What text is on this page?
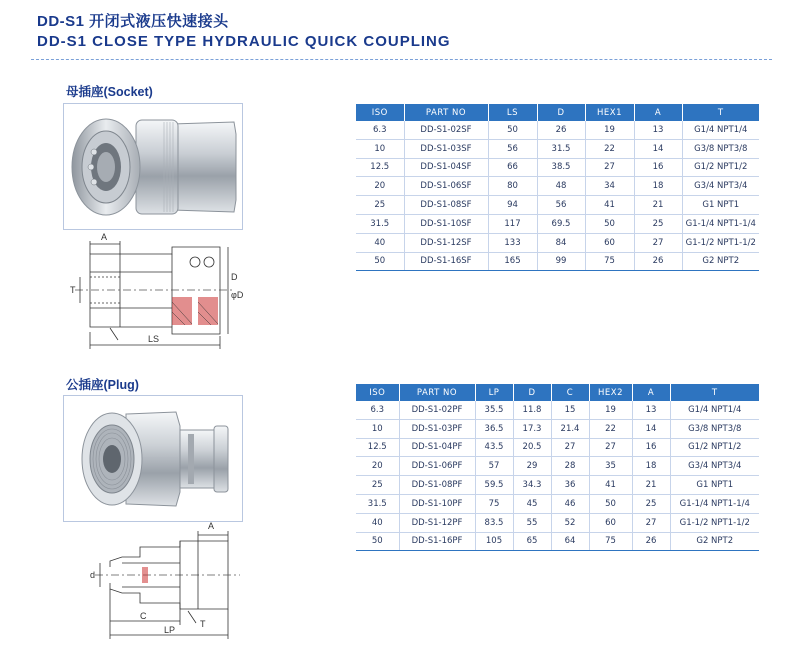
DD-S1 开闭式液压快速接头
DD-S1 CLOSE TYPE HYDRAULIC QUICK COUPLING
母插座(Socket)
A
T
LS
D
φD
ISO	PART NO	LS	D	HEX1	A	T
6.3	DD-S1-02SF	50	26	19	13	G1/4 NPT1/4
10	DD-S1-03SF	56	31.5	22	14	G3/8 NPT3/8
12.5	DD-S1-04SF	66	38.5	27	16	G1/2 NPT1/2
20	DD-S1-06SF	80	48	34	18	G3/4 NPT3/4
25	DD-S1-08SF	94	56	41	21	G1 NPT1
31.5	DD-S1-10SF	117	69.5	50	25	G1-1/4 NPT1-1/4
40	DD-S1-12SF	133	84	60	27	G1-1/2 NPT1-1/2
50	DD-S1-16SF	165	99	75	26	G2 NPT2
公插座(Plug)
A
d
C
LP
T
ISO	PART NO	LP	D	C	HEX2	A	T
6.3	DD-S1-02PF	35.5	11.8	15	19	13	G1/4 NPT1/4
10	DD-S1-03PF	36.5	17.3	21.4	22	14	G3/8 NPT3/8
12.5	DD-S1-04PF	43.5	20.5	27	27	16	G1/2 NPT1/2
20	DD-S1-06PF	57	29	28	35	18	G3/4 NPT3/4
25	DD-S1-08PF	59.5	34.3	36	41	21	G1 NPT1
31.5	DD-S1-10PF	75	45	46	50	25	G1-1/4 NPT1-1/4
40	DD-S1-12PF	83.5	55	52	60	27	G1-1/2 NPT1-1/2
50	DD-S1-16PF	105	65	64	75	26	G2 NPT2
